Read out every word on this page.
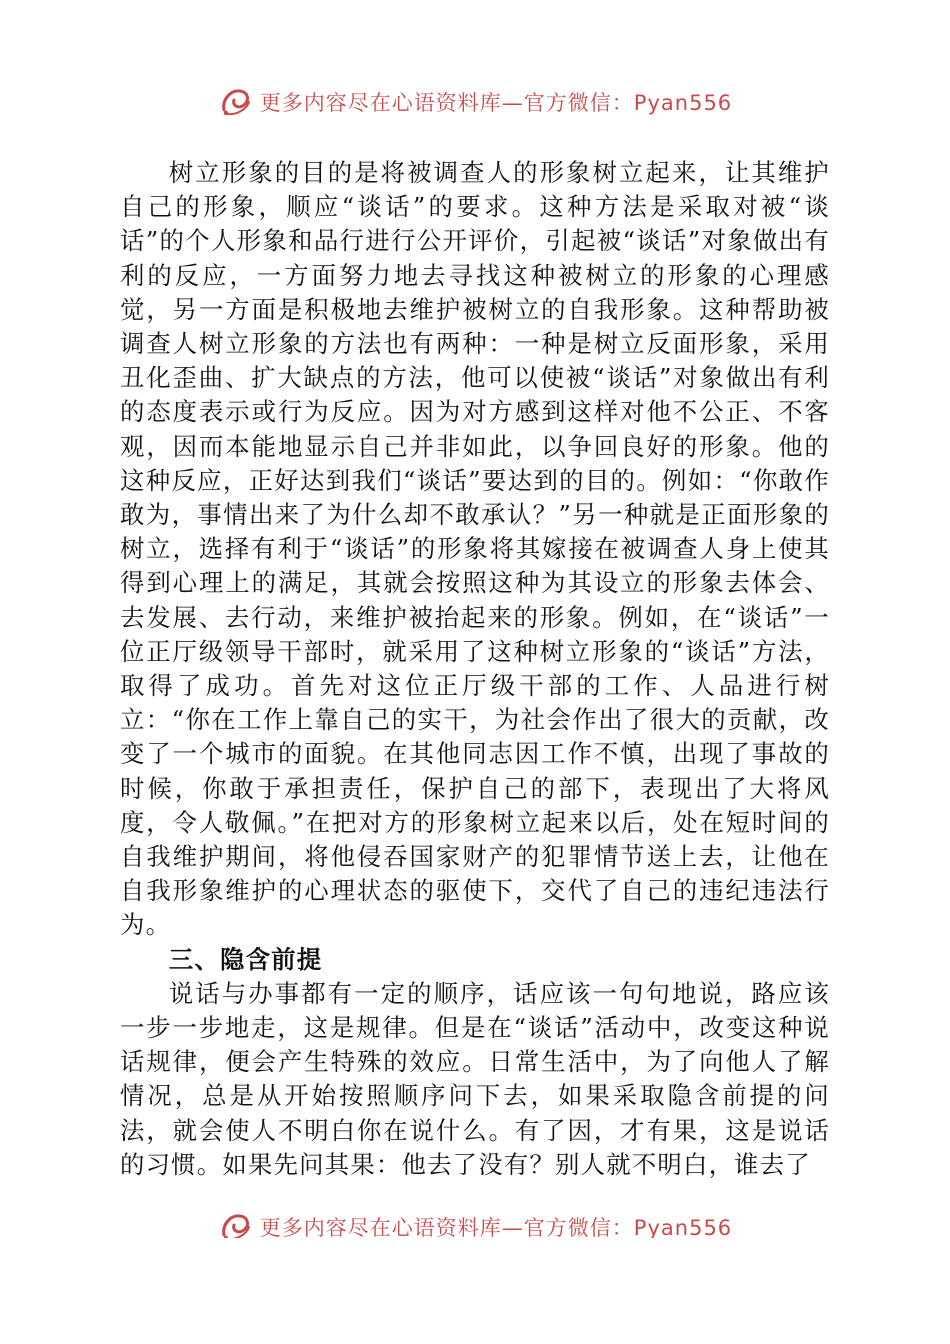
更多内容尽在心语资料库—官方微信：Pyan556

树立形象的目的是将被调查人的形象树立起来，让其维护自己的形象，顺应“谈话”的要求。这种方法是采取对被“谈话”的个人形象和品行进行公开评价，引起被“谈话”对象做出有利的反应，一方面努力地去寻找这种被树立的形象的心理感觉，另一方面是积极地去维护被树立的自我形象。这种帮助被调查人树立形象的方法也有两种：一种是树立反面形象，采用丑化歪曲、扩大缺点的方法，他可以使被“谈话”对象做出有利的态度表示或行为反应。因为对方感到这样对他不公正、不客观，因而本能地显示自己并非如此，以争回良好的形象。他的这种反应，正好达到我们“谈话”要达到的目的。例如：“你敢作敢为，事情出来了为什么却不敢承认？”另一种就是正面形象的树立，选择有利于“谈话”的形象将其嫁接在被调查人身上使其得到心理上的满足，其就会按照这种为其设立的形象去体会、去发展、去行动，来维护被抬起来的形象。例如，在“谈话”一位正厅级领导干部时，就采用了这种树立形象的“谈话”方法，取得了成功。首先对这位正厅级干部的工作、人品进行树立：“你在工作上靠自己的实干，为社会作出了很大的贡献，改变了一个城市的面貌。在其他同志因工作不慎，出现了事故的时候，你敢于承担责任，保护自己的部下，表现出了大将风度，令人敬佩。”在把对方的形象树立起来以后，处在短时间的自我维护期间，将他侵吞国家财产的犯罪情节送上去，让他在自我形象维护的心理状态的驱使下，交代了自己的违纪违法行为。

三、隐含前提

说话与办事都有一定的顺序，话应该一句句地说，路应该一步一步地走，这是规律。但是在“谈话”活动中，改变这种说话规律，便会产生特殊的效应。日常生活中，为了向他人了解情况，总是从开始按照顺序问下去，如果采取隐含前提的问法，就会使人不明白你在说什么。有了因，才有果，这是说话的习惯。如果先问其果：他去了没有？别人就不明白，谁去了

更多内容尽在心语资料库—官方微信：Pyan556
